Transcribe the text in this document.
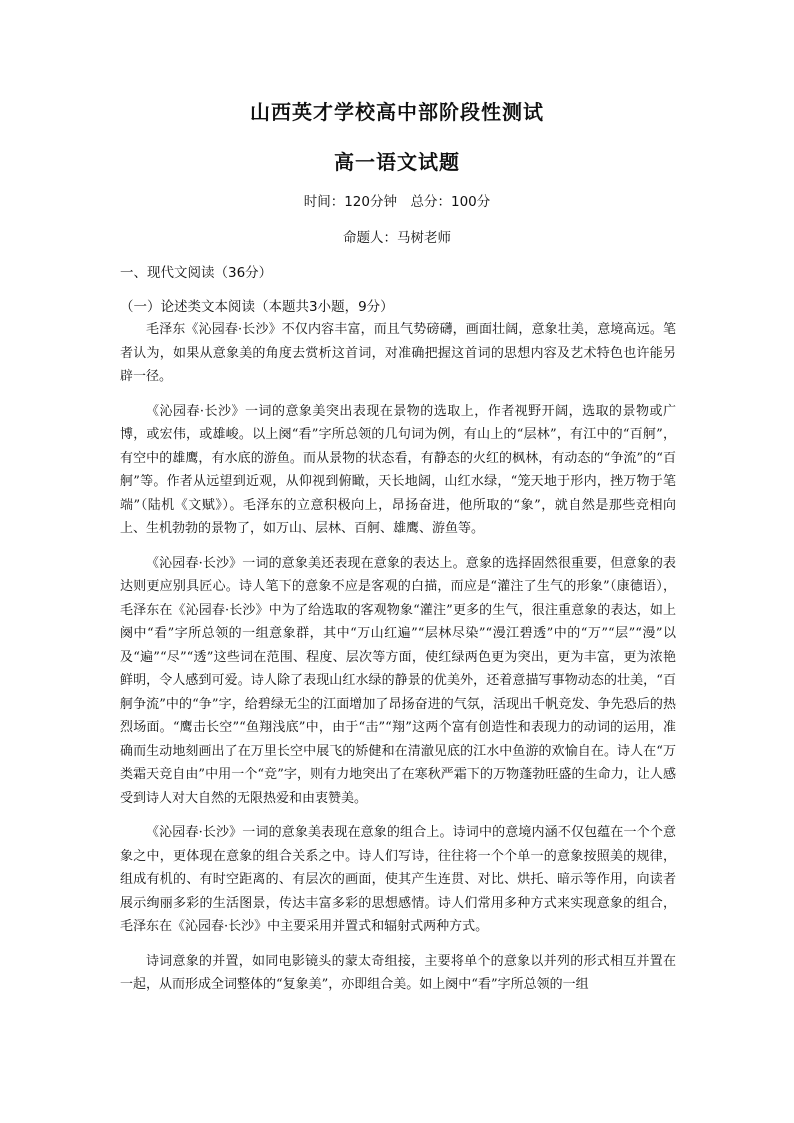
山西英才学校高中部阶段性测试
高一语文试题
时间：120分钟　总分：100分
命题人：马树老师
一、现代文阅读（36分）
（一）论述类文本阅读（本题共3小题，9分）

毛泽东《沁园春·长沙》不仅内容丰富，而且气势磅礴，画面壮阔，意象壮美，意境高远。笔者认为，如果从意象美的角度去赏析这首词，对准确把握这首词的思想内容及艺术特色也许能另辟一径。

《沁园春·长沙》一词的意象美突出表现在景物的选取上，作者视野开阔，选取的景物或广博，或宏伟，或雄峻。以上阕“看”字所总领的几句词为例，有山上的“层林”，有江中的“百舸”，有空中的雄鹰，有水底的游鱼。而从景物的状态看，有静态的火红的枫林，有动态的“争流”的“百舸”等。作者从远望到近观，从仰视到俯瞰，天长地阔，山红水绿，“笼天地于形内，挫万物于笔端”（陆机《文赋》）。毛泽东的立意积极向上，昂扬奋进，他所取的“象”，就自然是那些竞相向上、生机勃勃的景物了，如万山、层林、百舸、雄鹰、游鱼等。

《沁园春·长沙》一词的意象美还表现在意象的表达上。意象的选择固然很重要，但意象的表达则更应别具匠心。诗人笔下的意象不应是客观的白描，而应是“灌注了生气的形象”（康德语），毛泽东在《沁园春·长沙》中为了给选取的客观物象“灌注”更多的生气，很注重意象的表达，如上阕中“看”字所总领的一组意象群，其中“万山红遍”“层林尽染”“漫江碧透”中的“万”“层”“漫”以及“遍”“尽”“透”这些词在范围、程度、层次等方面，使红绿两色更为突出，更为丰富，更为浓艳鲜明，令人感到可爱。诗人除了表现山红水绿的静景的优美外，还着意描写事物动态的壮美，“百舸争流”中的“争”字，给碧绿无尘的江面增加了昂扬奋进的气氛，活现出千帆竞发、争先恐后的热烈场面。“鹰击长空”“鱼翔浅底”中，由于“击”“翔”这两个富有创造性和表现力的动词的运用，准确而生动地刻画出了在万里长空中展飞的矫健和在清澈见底的江水中鱼游的欢愉自在。诗人在“万类霜天竞自由”中用一个“竞”字，则有力地突出了在寒秋严霜下的万物蓬勃旺盛的生命力，让人感受到诗人对大自然的无限热爱和由衷赞美。

《沁园春·长沙》一词的意象美表现在意象的组合上。诗词中的意境内涵不仅包蕴在一个个意象之中，更体现在意象的组合关系之中。诗人们写诗，往往将一个个单一的意象按照美的规律，组成有机的、有时空距离的、有层次的画面，使其产生连贯、对比、烘托、暗示等作用，向读者展示绚丽多彩的生活图景，传达丰富多彩的思想感情。诗人们常用多种方式来实现意象的组合，毛泽东在《沁园春·长沙》中主要采用并置式和辐射式两种方式。

诗词意象的并置，如同电影镜头的蒙太奇组接，主要将单个的意象以并列的形式相互并置在一起，从而形成全词整体的“复象美”，亦即组合美。如上阕中“看”字所总领的一组
